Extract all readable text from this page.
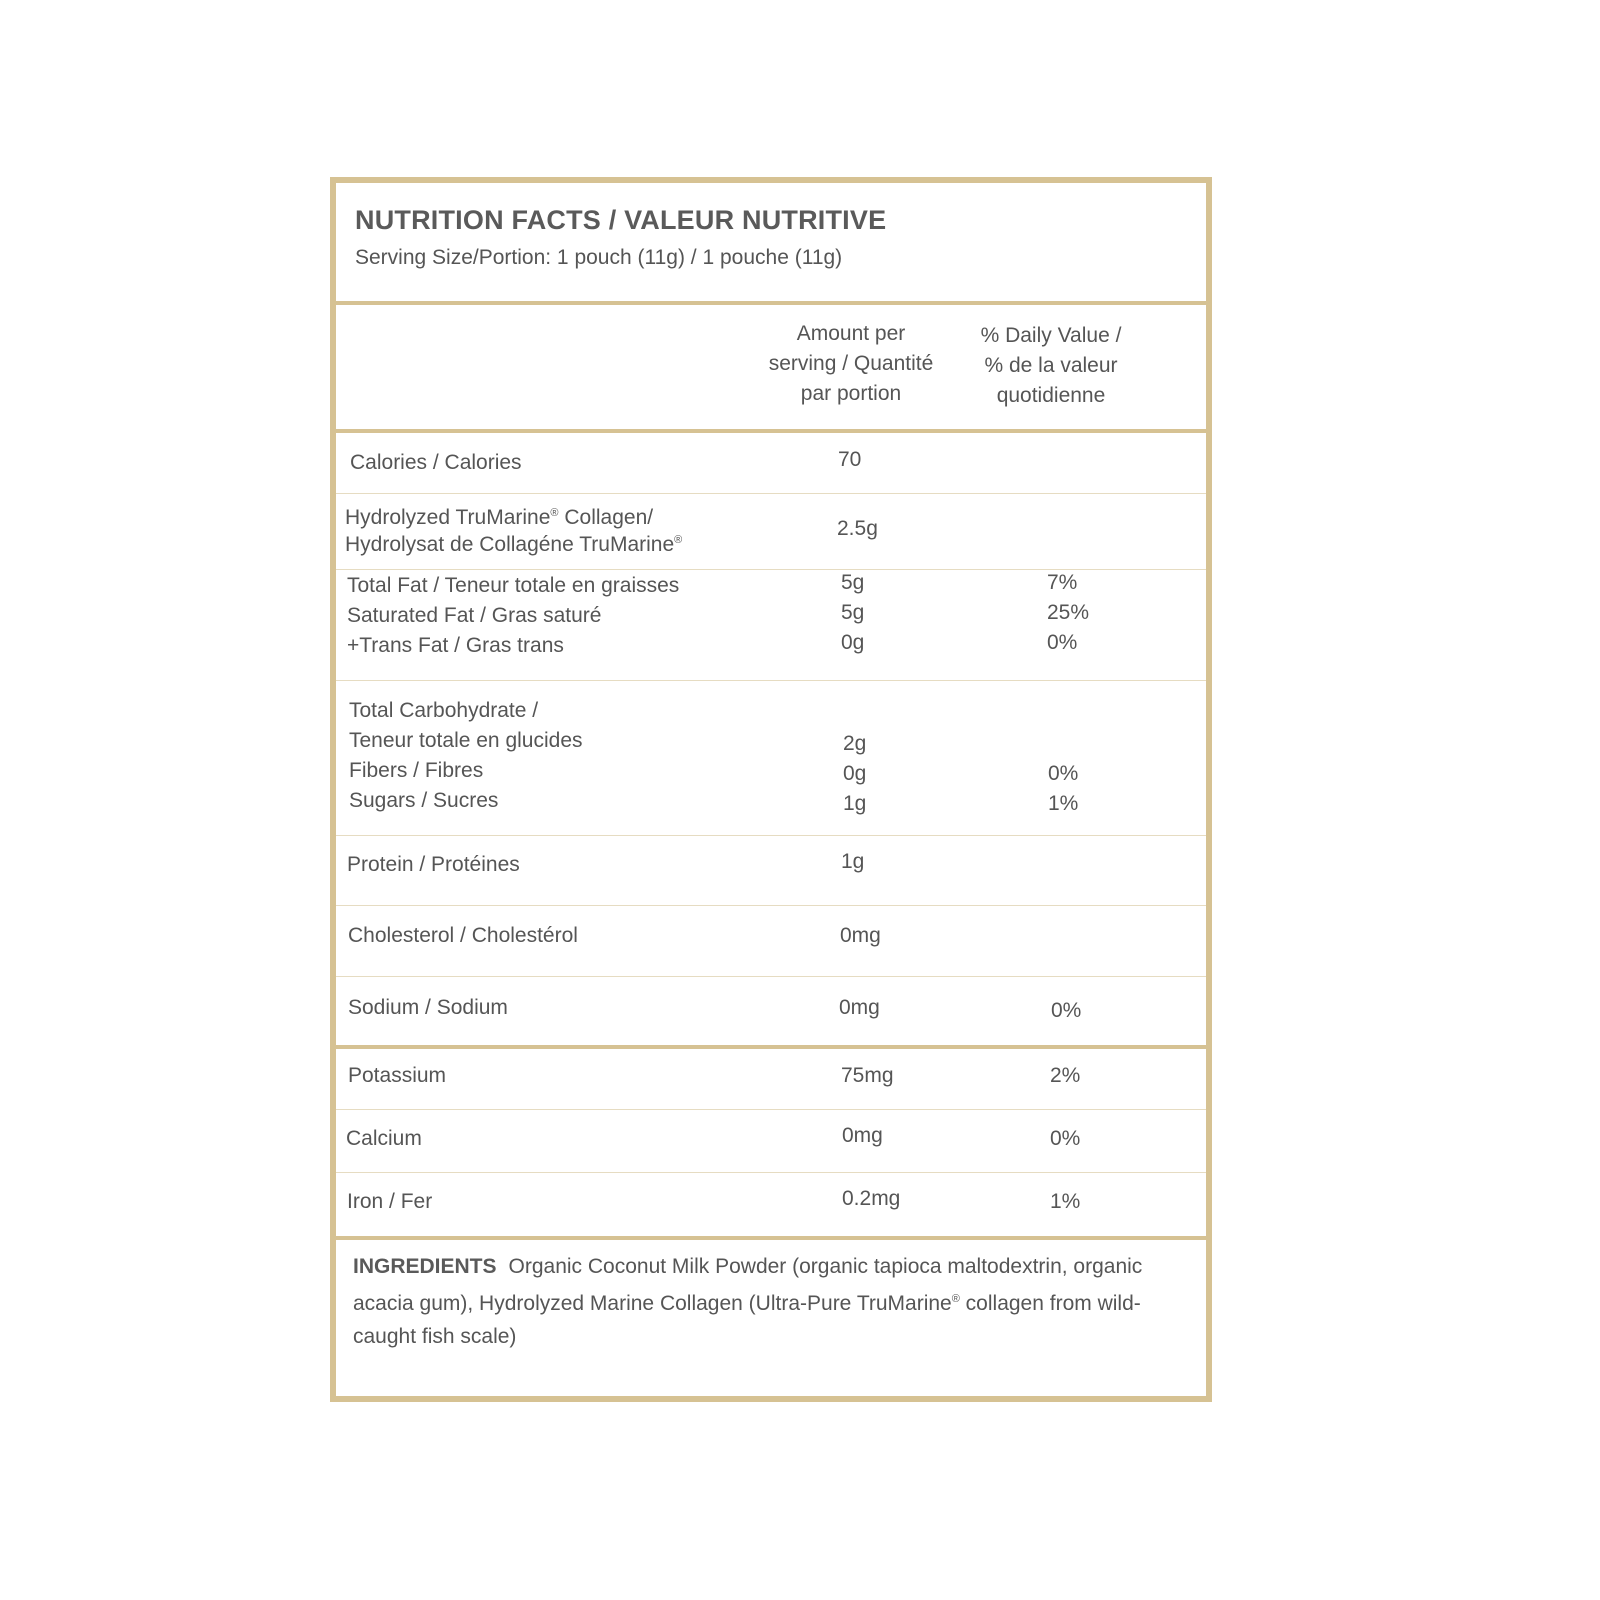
NUTRITION FACTS / VALEUR NUTRITIVE
Serving Size/Portion: 1 pouch (11g) / 1 pouche (11g)
Amount per
serving / Quantité
par portion
% Daily Value /
% de la valeur
quotidienne
Calories / Calories	70
Hydrolyzed TruMarine® Collagen/
Hydrolysat de Collagéne TruMarine®	2.5g
Total Fat / Teneur totale en graisses	5g	7%
Saturated Fat / Gras saturé	5g	25%
+Trans Fat / Gras trans	0g	0%
Total Carbohydrate /
Teneur totale en glucides	2g
Fibers / Fibres	0g	0%
Sugars / Sucres	1g	1%
Protein / Protéines	1g
Cholesterol / Cholestérol	0mg
Sodium / Sodium	0mg	0%
Potassium	75mg	2%
Calcium	0mg	0%
Iron / Fer	0.2mg	1%
INGREDIENTS Organic Coconut Milk Powder (organic tapioca maltodextrin, organic acacia gum), Hydrolyzed Marine Collagen (Ultra-Pure TruMarine® collagen from wild-caught fish scale)
